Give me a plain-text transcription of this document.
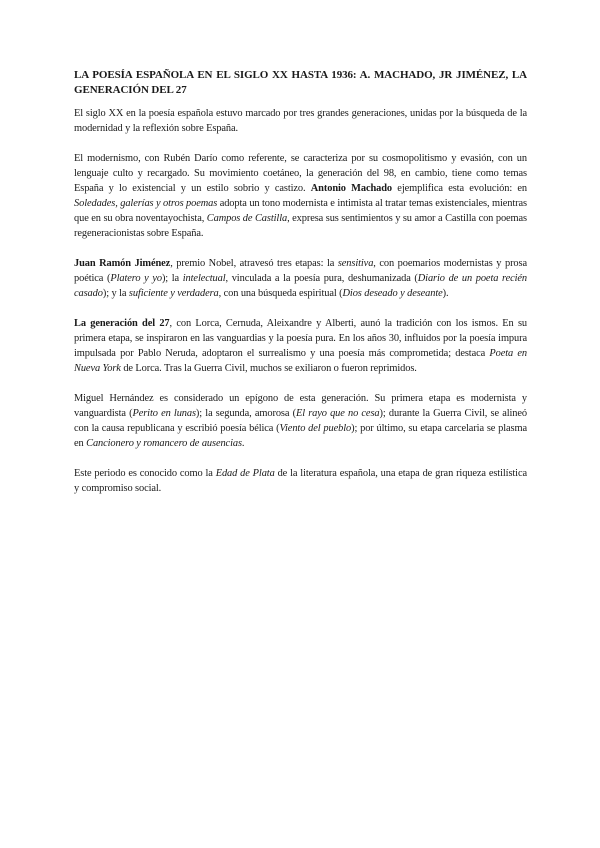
LA POESÍA ESPAÑOLA EN EL SIGLO XX HASTA 1936: A. MACHADO, JR JIMÉNEZ, LA GENERACIÓN DEL 27

El siglo XX en la poesía española estuvo marcado por tres grandes generaciones, unidas por la búsqueda de la modernidad y la reflexión sobre España.

El modernismo, con Rubén Darío como referente, se caracteriza por su cosmopolitismo y evasión, con un lenguaje culto y recargado. Su movimiento coetáneo, la generación del 98, en cambio, tiene como temas España y lo existencial y un estilo sobrio y castizo. Antonio Machado ejemplifica esta evolución: en Soledades, galerías y otros poemas adopta un tono modernista e intimista al tratar temas existenciales, mientras que en su obra noventayochista, Campos de Castilla, expresa sus sentimientos y su amor a Castilla con poemas regeneracionistas sobre España.

Juan Ramón Jiménez, premio Nobel, atravesó tres etapas: la sensitiva, con poemarios modernistas y prosa poética (Platero y yo); la intelectual, vinculada a la poesía pura, deshumanizada (Diario de un poeta recién casado); y la suficiente y verdadera, con una búsqueda espiritual (Dios deseado y deseante).

La generación del 27, con Lorca, Cernuda, Aleixandre y Alberti, aunó la tradición con los ismos. En su primera etapa, se inspiraron en las vanguardias y la poesía pura. En los años 30, influidos por la poesía impura impulsada por Pablo Neruda, adoptaron el surrealismo y una poesía más comprometida; destaca Poeta en Nueva York de Lorca. Tras la Guerra Civil, muchos se exiliaron o fueron reprimidos.

Miguel Hernández es considerado un epígono de esta generación. Su primera etapa es modernista y vanguardista (Perito en lunas); la segunda, amorosa (El rayo que no cesa); durante la Guerra Civil, se alineó con la causa republicana y escribió poesía bélica (Viento del pueblo); por último, su etapa carcelaria se plasma en Cancionero y romancero de ausencias.

Este periodo es conocido como la Edad de Plata de la literatura española, una etapa de gran riqueza estilística y compromiso social.
